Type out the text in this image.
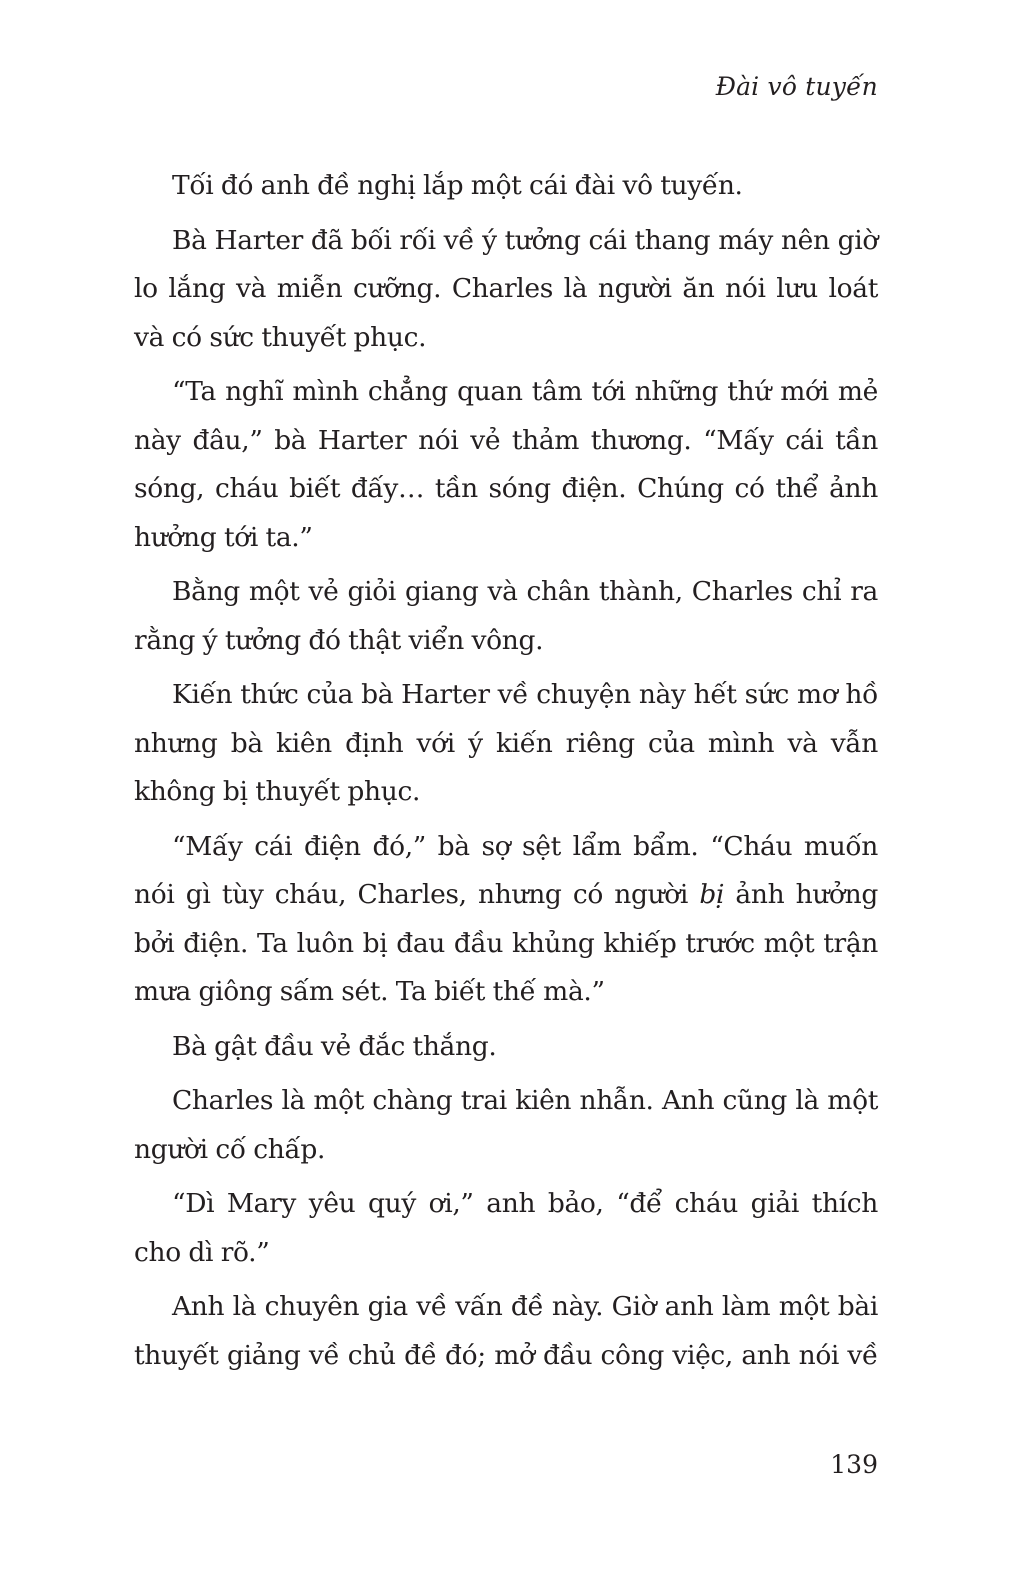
Đài vô tuyến

Tối đó anh đề nghị lắp một cái đài vô tuyến.

Bà Harter đã bối rối về ý tưởng cái thang máy nên giờ lo lắng và miễn cưỡng. Charles là người ăn nói lưu loát và có sức thuyết phục.

“Ta nghĩ mình chẳng quan tâm tới những thứ mới mẻ này đâu,” bà Harter nói vẻ thảm thương. “Mấy cái tần sóng, cháu biết đấy… tần sóng điện. Chúng có thể ảnh hưởng tới ta.”

Bằng một vẻ giỏi giang và chân thành, Charles chỉ ra rằng ý tưởng đó thật viển vông.

Kiến thức của bà Harter về chuyện này hết sức mơ hồ nhưng bà kiên định với ý kiến riêng của mình và vẫn không bị thuyết phục.

“Mấy cái điện đó,” bà sợ sệt lẩm bẩm. “Cháu muốn nói gì tùy cháu, Charles, nhưng có người bị ảnh hưởng bởi điện. Ta luôn bị đau đầu khủng khiếp trước một trận mưa giông sấm sét. Ta biết thế mà.”

Bà gật đầu vẻ đắc thắng.

Charles là một chàng trai kiên nhẫn. Anh cũng là một người cố chấp.

“Dì Mary yêu quý ơi,” anh bảo, “để cháu giải thích cho dì rõ.”

Anh là chuyên gia về vấn đề này. Giờ anh làm một bài thuyết giảng về chủ đề đó; mở đầu công việc, anh nói về

139
